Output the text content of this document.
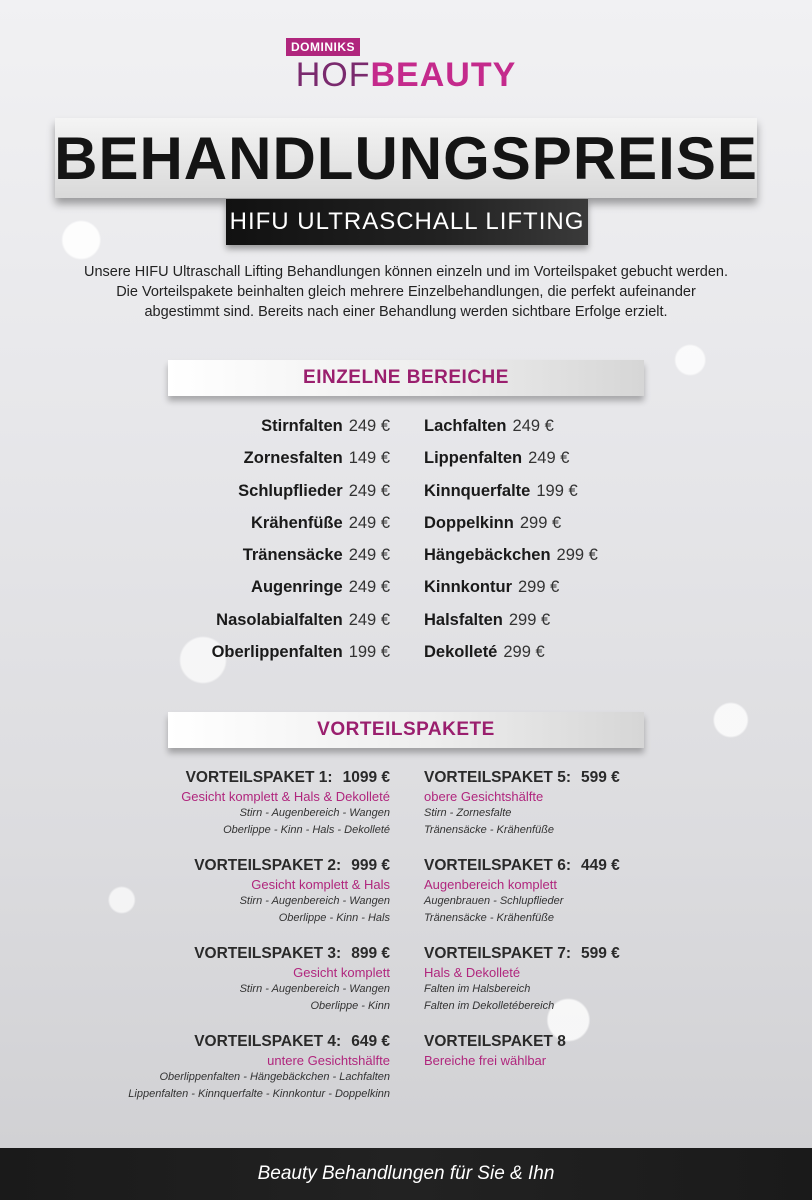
DOMINIKS
HOFBEAUTY
BEHANDLUNGSPREISE
HIFU ULTRASCHALL LIFTING
Unsere HIFU Ultraschall Lifting Behandlungen können einzeln und im Vorteilspaket gebucht werden.
Die Vorteilspakete beinhalten gleich mehrere Einzelbehandlungen, die perfekt aufeinander
abgestimmt sind. Bereits nach einer Behandlung werden sichtbare Erfolge erzielt.
EINZELNE BEREICHE
Stirnfalten 249 €
Zornesfalten 149 €
Schlupflieder 249 €
Krähenfüße 249 €
Tränensäcke 249 €
Augenringe 249 €
Nasolabialfalten 249 €
Oberlippenfalten 199 €
Lachfalten 249 €
Lippenfalten 249 €
Kinnquerfalte 199 €
Doppelkinn 299 €
Hängebäckchen 299 €
Kinnkontur 299 €
Halsfalten 299 €
Dekolleté 299 €
VORTEILSPAKETE
VORTEILSPAKET 1: 1099 €
Gesicht komplett & Hals & Dekolleté
Stirn - Augenbereich - Wangen
Oberlippe - Kinn - Hals - Dekolleté
VORTEILSPAKET 2: 999 €
Gesicht komplett & Hals
Stirn - Augenbereich - Wangen
Oberlippe - Kinn - Hals
VORTEILSPAKET 3: 899 €
Gesicht komplett
Stirn - Augenbereich - Wangen
Oberlippe - Kinn
VORTEILSPAKET 4: 649 €
untere Gesichtshälfte
Oberlippenfalten - Hängebäckchen - Lachfalten
Lippenfalten - Kinnquerfalte - Kinnkontur - Doppelkinn
VORTEILSPAKET 5: 599 €
obere Gesichtshälfte
Stirn - Zornesfalte
Tränensäcke - Krähenfüße
VORTEILSPAKET 6: 449 €
Augenbereich komplett
Augenbrauen - Schlupflieder
Tränensäcke - Krähenfüße
VORTEILSPAKET 7: 599 €
Hals & Dekolleté
Falten im Halsbereich
Falten im Dekolletébereich
VORTEILSPAKET 8
Bereiche frei wählbar
Beauty Behandlungen für Sie & Ihn
